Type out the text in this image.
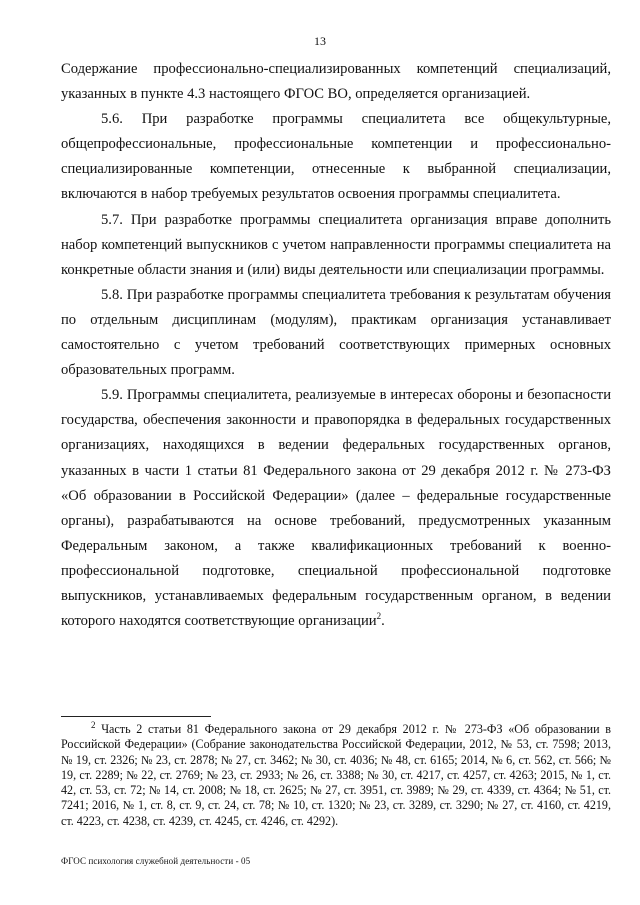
13

Содержание профессионально-специализированных компетенций специализаций, указанных в пункте 4.3 настоящего ФГОС ВО, определяется организацией.

5.6. При разработке программы специалитета все общекультурные, общепрофессиональные, профессиональные компетенции и профессионально-специализированные компетенции, отнесенные к выбранной специализации, включаются в набор требуемых результатов освоения программы специалитета.

5.7. При разработке программы специалитета организация вправе дополнить набор компетенций выпускников с учетом направленности программы специалитета на конкретные области знания и (или) виды деятельности или специализации программы.

5.8. При разработке программы специалитета требования к результатам обучения по отдельным дисциплинам (модулям), практикам организация устанавливает самостоятельно с учетом требований соответствующих примерных основных образовательных программ.

5.9. Программы специалитета, реализуемые в интересах обороны и безопасности государства, обеспечения законности и правопорядка в федеральных государственных организациях, находящихся в ведении федеральных государственных органов, указанных в части 1 статьи 81 Федерального закона от 29 декабря 2012 г. № 273-ФЗ «Об образовании в Российской Федерации» (далее – федеральные государственные органы), разрабатываются на основе требований, предусмотренных указанным Федеральным законом, а также квалификационных требований к военно-профессиональной подготовке, специальной профессиональной подготовке выпускников, устанавливаемых федеральным государственным органом, в ведении которого находятся соответствующие организации$^2$.

$^2$ Часть 2 статьи 81 Федерального закона от 29 декабря 2012 г. № 273-ФЗ «Об образовании в Российской Федерации» (Собрание законодательства Российской Федерации, 2012, № 53, ст. 7598; 2013, № 19, ст. 2326; № 23, ст. 2878; № 27, ст. 3462; № 30, ст. 4036; № 48, ст. 6165; 2014, № 6, ст. 562, ст. 566; № 19, ст. 2289; № 22, ст. 2769; № 23, ст. 2933; № 26, ст. 3388; № 30, ст. 4217, ст. 4257, ст. 4263; 2015, № 1, ст. 42, ст. 53, ст. 72; № 14, ст. 2008; № 18, ст. 2625; № 27, ст. 3951, ст. 3989; № 29, ст. 4339, ст. 4364; № 51, ст. 7241; 2016, № 1, ст. 8, ст. 9, ст. 24, ст. 78; № 10, ст. 1320; № 23, ст. 3289, ст. 3290; № 27, ст. 4160, ст. 4219, ст. 4223, ст. 4238, ст. 4239, ст. 4245, ст. 4246, ст. 4292).

ФГОС психология служебной деятельности - 05
